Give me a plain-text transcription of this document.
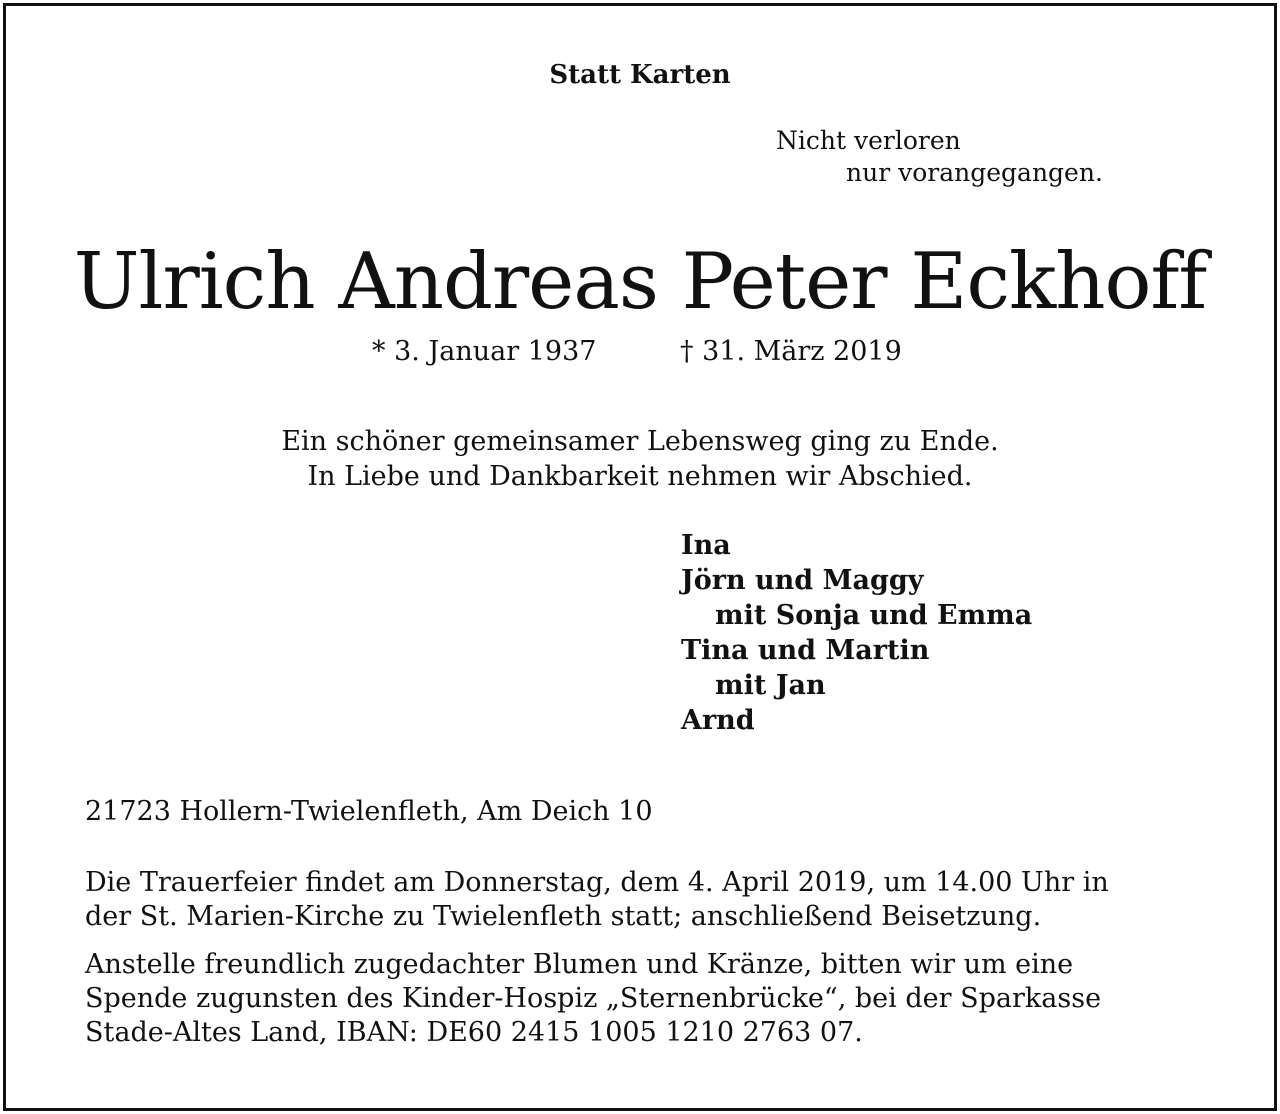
Statt Karten
Nicht verloren
nur vorangegangen.
Ulrich Andreas Peter Eckhoff
* 3. Januar 1937	† 31. März 2019
Ein schöner gemeinsamer Lebensweg ging zu Ende.
In Liebe und Dankbarkeit nehmen wir Abschied.
Ina
Jörn und Maggy
mit Sonja und Emma
Tina und Martin
mit Jan
Arnd
21723 Hollern-Twielenfleth, Am Deich 10
Die Trauerfeier findet am Donnerstag, dem 4. April 2019, um 14.00 Uhr in
der St. Marien-Kirche zu Twielenfleth statt; anschließend Beisetzung.
Anstelle freundlich zugedachter Blumen und Kränze, bitten wir um eine
Spende zugunsten des Kinder-Hospiz „Sternenbrücke“, bei der Sparkasse
Stade-Altes Land, IBAN: DE60 2415 1005 1210 2763 07.
